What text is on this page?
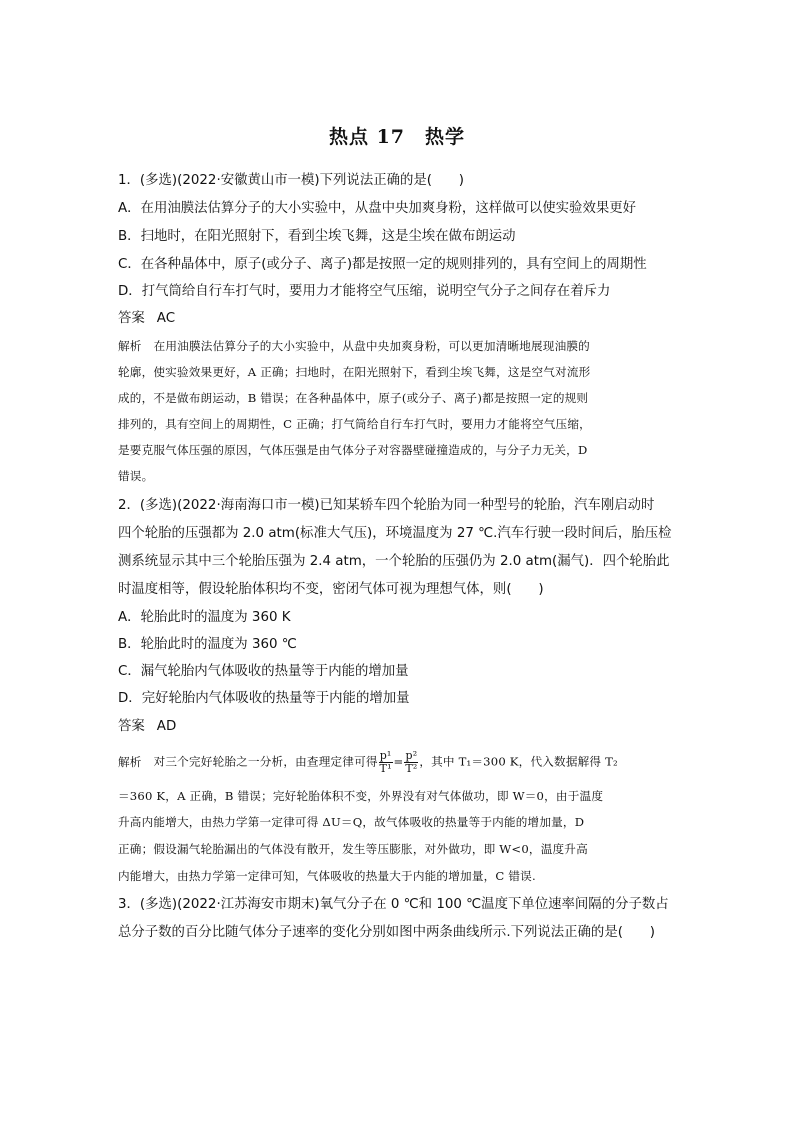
热点 17　热学
1．(多选)(2022·安徽黄山市一模)下列说法正确的是(　　)
A．在用油膜法估算分子的大小实验中，从盘中央加爽身粉，这样做可以使实验效果更好
B．扫地时，在阳光照射下，看到尘埃飞舞，这是尘埃在做布朗运动
C．在各种晶体中，原子(或分子、离子)都是按照一定的规则排列的，具有空间上的周期性
D．打气筒给自行车打气时，要用力才能将空气压缩，说明空气分子之间存在着斥力
答案 AC
解析 在用油膜法估算分子的大小实验中，从盘中央加爽身粉，可以更加清晰地展现油膜的
轮廓，使实验效果更好，A 正确；扫地时，在阳光照射下，看到尘埃飞舞，这是空气对流形
成的，不是做布朗运动，B 错误；在各种晶体中，原子(或分子、离子)都是按照一定的规则
排列的，具有空间上的周期性，C 正确；打气筒给自行车打气时，要用力才能将空气压缩，
是要克服气体压强的原因，气体压强是由气体分子对容器壁碰撞造成的，与分子力无关，D
错误。
2．(多选)(2022·海南海口市一模)已知某轿车四个轮胎为同一种型号的轮胎，汽车刚启动时
四个轮胎的压强都为 2.0 atm(标准大气压)，环境温度为 27 ℃.汽车行驶一段时间后，胎压检
测系统显示其中三个轮胎压强为 2.4 atm，一个轮胎的压强仍为 2.0 atm(漏气)．四个轮胎此
时温度相等，假设轮胎体积均不变，密闭气体可视为理想气体，则(　　)
A．轮胎此时的温度为 360 K
B．轮胎此时的温度为 360 ℃
C．漏气轮胎内气体吸收的热量等于内能的增加量
D．完好轮胎内气体吸收的热量等于内能的增加量
答案 AD
解析 对三个完好轮胎之一分析，由查理定律可得 $\frac{\text{p¹}}{\text{T¹}} = \frac{\text{p²}}{\text{T²}}$ ，其中 T₁＝300 K，代入数据解得 T₂
＝360 K，A 正确，B 错误；完好轮胎体积不变，外界没有对气体做功，即 W＝0，由于温度
升高内能增大，由热力学第一定律可得 ΔU＝Q，故气体吸收的热量等于内能的增加量，D
正确；假设漏气轮胎漏出的气体没有散开，发生等压膨胀，对外做功，即 W<0，温度升高
内能增大，由热力学第一定律可知，气体吸收的热量大于内能的增加量，C 错误.
3．(多选)(2022·江苏海安市期末)氧气分子在 0 ℃和 100 ℃温度下单位速率间隔的分子数占
总分子数的百分比随气体分子速率的变化分别如图中两条曲线所示.下列说法正确的是(　　)
